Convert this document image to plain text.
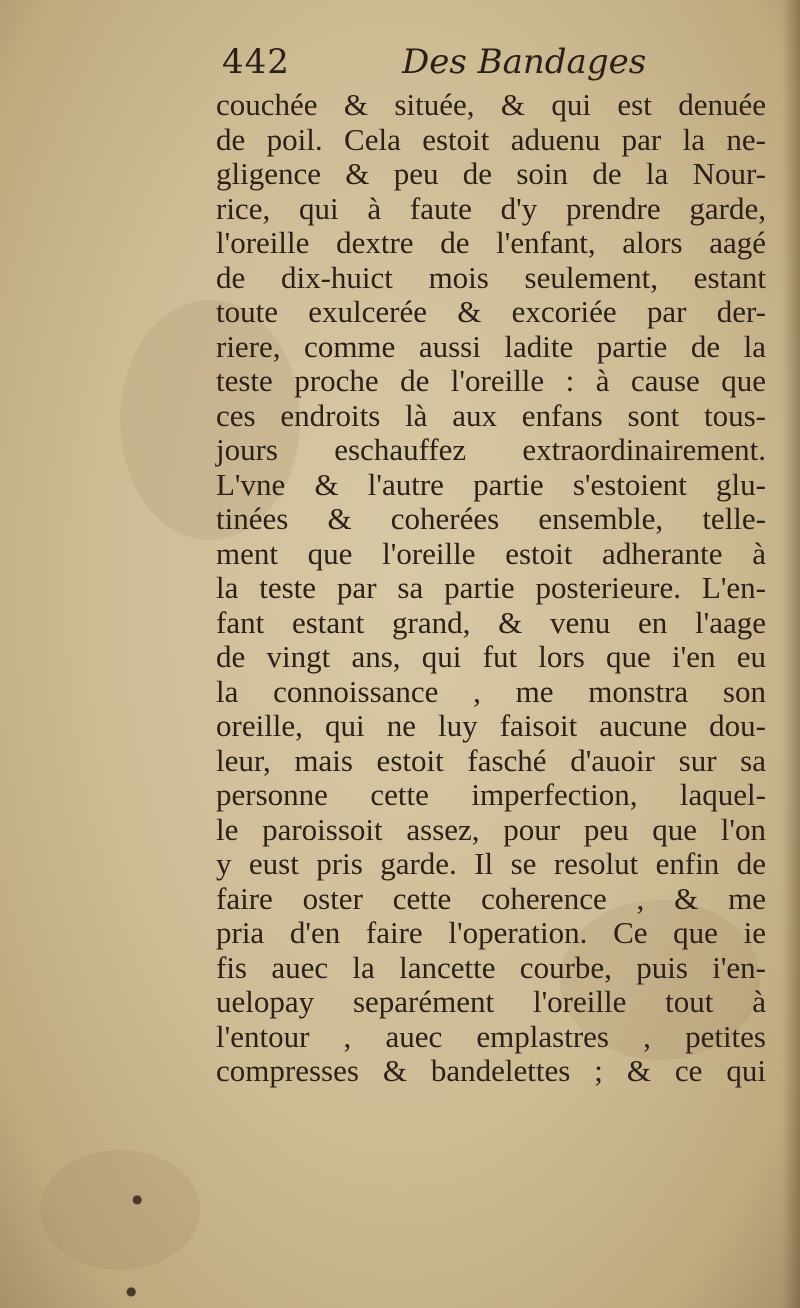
442	Des Bandages
couchée & située, & qui est denuée
de poil. Cela estoit aduenu par la ne-
gligence & peu de soin de la Nour-
rice, qui à faute d'y prendre garde,
l'oreille dextre de l'enfant, alors aagé
de dix-huict mois seulement, estant
toute exulcerée & excoriée par der-
riere, comme aussi ladite partie de la
teste proche de l'oreille : à cause que
ces endroits là aux enfans sont tous-
jours eschauffez extraordinairement.
L'vne & l'autre partie s'estoient glu-
tinées & coherées ensemble, telle-
ment que l'oreille estoit adherante à
la teste par sa partie posterieure. L'en-
fant estant grand, & venu en l'aage
de vingt ans, qui fut lors que i'en eu
la connoissance , me monstra son
oreille, qui ne luy faisoit aucune dou-
leur, mais estoit fasché d'auoir sur sa
personne cette imperfection, laquel-
le paroissoit assez, pour peu que l'on
y eust pris garde. Il se resolut enfin de
faire oster cette coherence , & me
pria d'en faire l'operation. Ce que ie
fis auec la lancette courbe, puis i'en-
uelopay separément l'oreille tout à
l'entour , auec emplastres , petites
compresses & bandelettes ; & ce qui
●
●
